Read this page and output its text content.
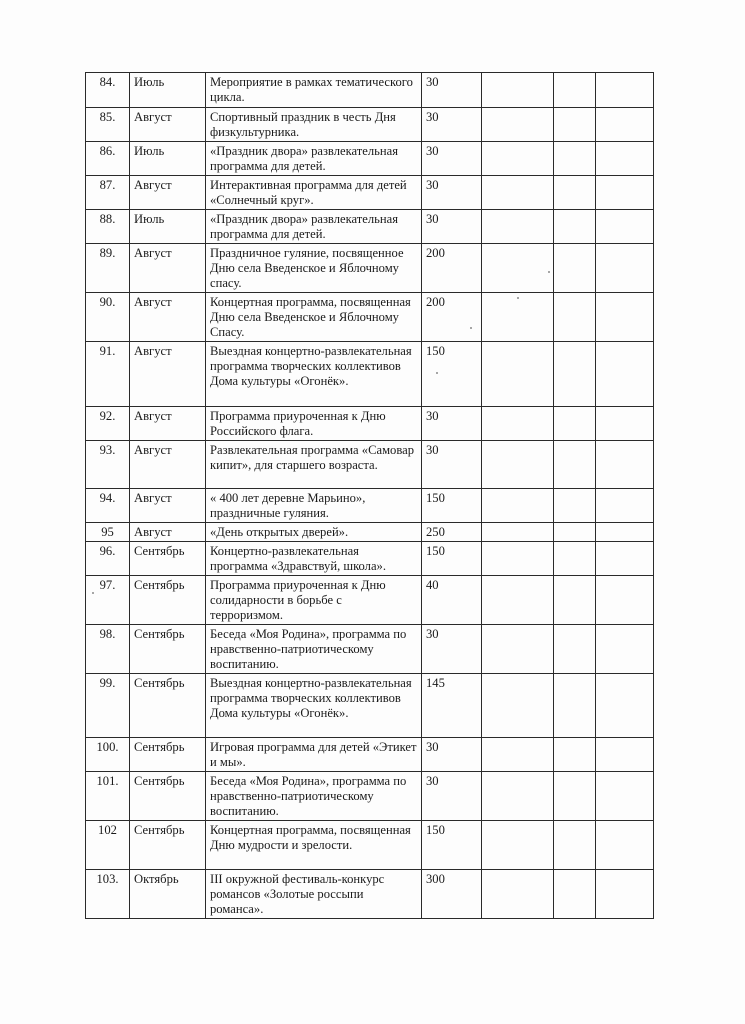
84.	Июль	Мероприятие в рамках тематического цикла.	30			
85.	Август	Спортивный праздник в честь Дня физкультурника.	30			
86.	Июль	«Праздник двора» развлекательная программа для детей.	30			
87.	Август	Интерактивная программа для детей «Солнечный круг».	30			
88.	Июль	«Праздник двора» развлекательная программа для детей.	30			
89.	Август	Праздничное гуляние, посвященное Дню села Введенское и Яблочному спасу.	200			
90.	Август	Концертная программа, посвященная Дню села Введенское и Яблочному Спасу.	200			
91.	Август	Выездная концертно-развлекательная программа творческих коллективов Дома культуры «Огонёк».	150			
92.	Август	Программа приуроченная к Дню Российского флага.	30			
93.	Август	Развлекательная программа «Самовар кипит», для старшего возраста.	30			
94.	Август	« 400 лет деревне Марьино», праздничные гуляния.	150			
95	Август	«День открытых дверей».	250			
96.	Сентябрь	Концертно-развлекательная программа «Здравствуй, школа».	150			
97.	Сентябрь	Программа приуроченная к Дню солидарности в борьбе с терроризмом.	40			
98.	Сентябрь	Беседа «Моя Родина», программа по нравственно-патриотическому воспитанию.	30			
99.	Сентябрь	Выездная концертно-развлекательная программа творческих коллективов Дома культуры «Огонёк».	145			
100.	Сентябрь	Игровая программа для детей «Этикет и мы».	30			
101.	Сентябрь	Беседа «Моя Родина», программа по нравственно-патриотическому воспитанию.	30			
102	Сентябрь	Концертная программа, посвященная Дню мудрости и зрелости.	150			
103.	Октябрь	III окружной фестиваль-конкурс романсов «Золотые россыпи романса».	300			
